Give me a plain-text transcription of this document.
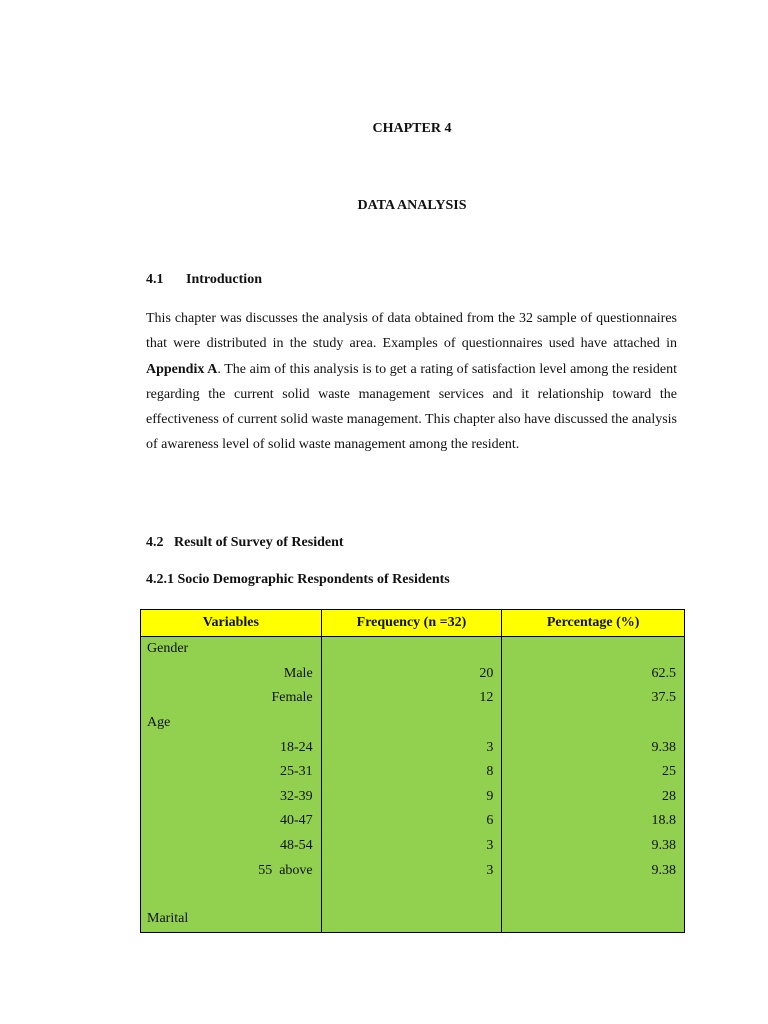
CHAPTER 4
DATA ANALYSIS
4.1 Introduction

This chapter was discusses the analysis of data obtained from the 32 sample of questionnaires that were distributed in the study area. Examples of questionnaires used have attached in Appendix A. The aim of this analysis is to get a rating of satisfaction level among the resident regarding the current solid waste management services and it relationship toward the effectiveness of current solid waste management. This chapter also have discussed the analysis of awareness level of solid waste management among the resident.

4.2   Result of Survey of Resident
4.2.1 Socio Demographic Respondents of Residents
Variables	Frequency (n =32)	Percentage (%)
Gender		
Male	20	62.5
Female	12	37.5
Age		
18-24	3	9.38
25-31	8	25
32-39	9	28
40-47	6	18.8
48-54	3	9.38
55  above	3	9.38

Marital		
